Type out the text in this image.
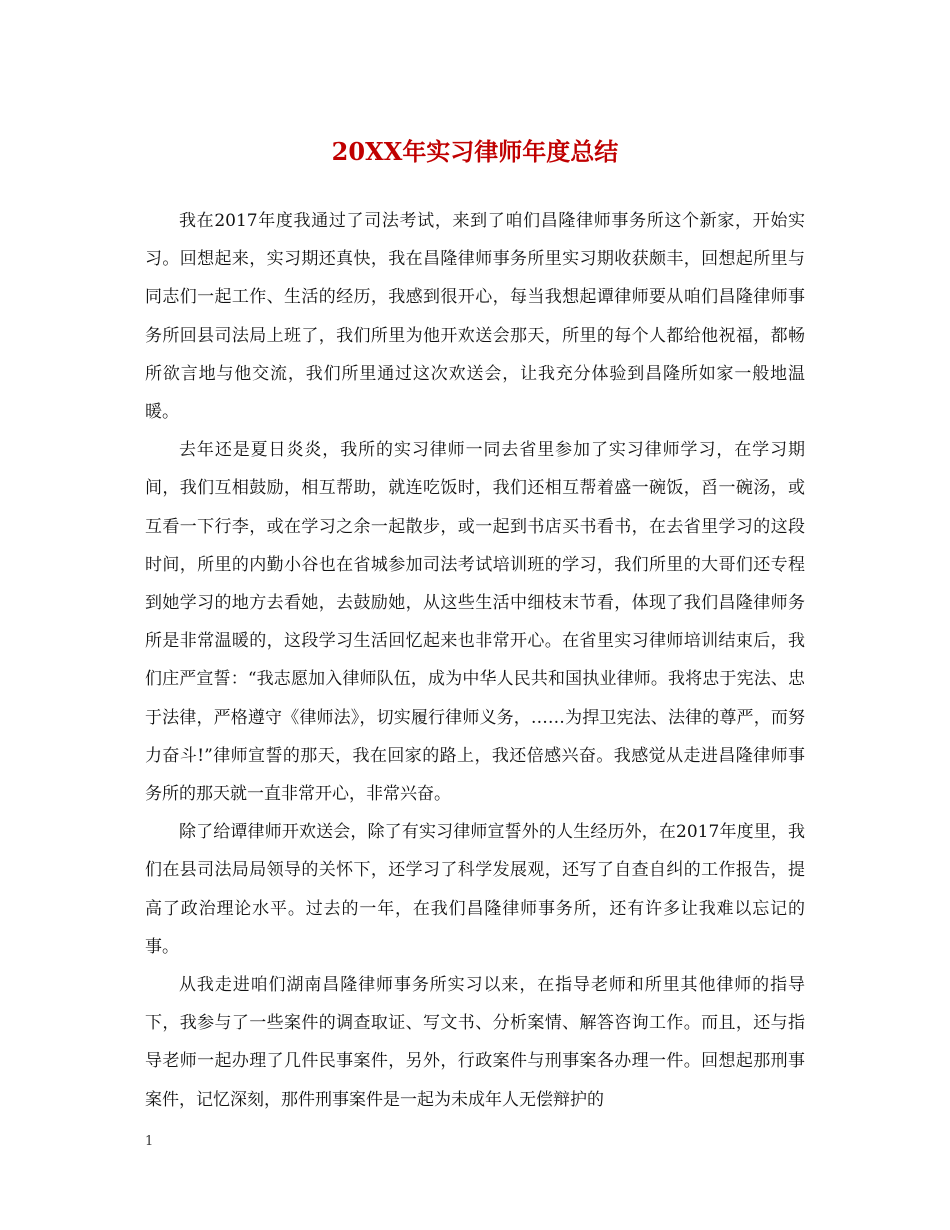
20XX年实习律师年度总结

我在2017年度我通过了司法考试，来到了咱们昌隆律师事务所这个新家，开始实习。回想起来，实习期还真快，我在昌隆律师事务所里实习期收获颇丰，回想起所里与同志们一起工作、生活的经历，我感到很开心，每当我想起谭律师要从咱们昌隆律师事务所回县司法局上班了，我们所里为他开欢送会那天，所里的每个人都给他祝福，都畅所欲言地与他交流，我们所里通过这次欢送会，让我充分体验到昌隆所如家一般地温暖。

去年还是夏日炎炎，我所的实习律师一同去省里参加了实习律师学习，在学习期间，我们互相鼓励，相互帮助，就连吃饭时，我们还相互帮着盛一碗饭，舀一碗汤，或互看一下行李，或在学习之余一起散步，或一起到书店买书看书，在去省里学习的这段时间，所里的内勤小谷也在省城参加司法考试培训班的学习，我们所里的大哥们还专程到她学习的地方去看她，去鼓励她，从这些生活中细枝末节看，体现了我们昌隆律师务所是非常温暖的，这段学习生活回忆起来也非常开心。在省里实习律师培训结束后，我们庄严宣誓：“我志愿加入律师队伍，成为中华人民共和国执业律师。我将忠于宪法、忠于法律，严格遵守《律师法》，切实履行律师义务，……为捍卫宪法、法律的尊严，而努力奋斗!”律师宣誓的那天，我在回家的路上，我还倍感兴奋。我感觉从走进昌隆律师事务所的那天就一直非常开心，非常兴奋。

除了给谭律师开欢送会，除了有实习律师宣誓外的人生经历外，在2017年度里，我们在县司法局局领导的关怀下，还学习了科学发展观，还写了自查自纠的工作报告，提高了政治理论水平。过去的一年，在我们昌隆律师事务所，还有许多让我难以忘记的事。

从我走进咱们湖南昌隆律师事务所实习以来，在指导老师和所里其他律师的指导下，我参与了一些案件的调查取证、写文书、分析案情、解答咨询工作。而且，还与指导老师一起办理了几件民事案件，另外，行政案件与刑事案各办理一件。回想起那刑事案件，记忆深刻，那件刑事案件是一起为未成年人无偿辩护的

1
